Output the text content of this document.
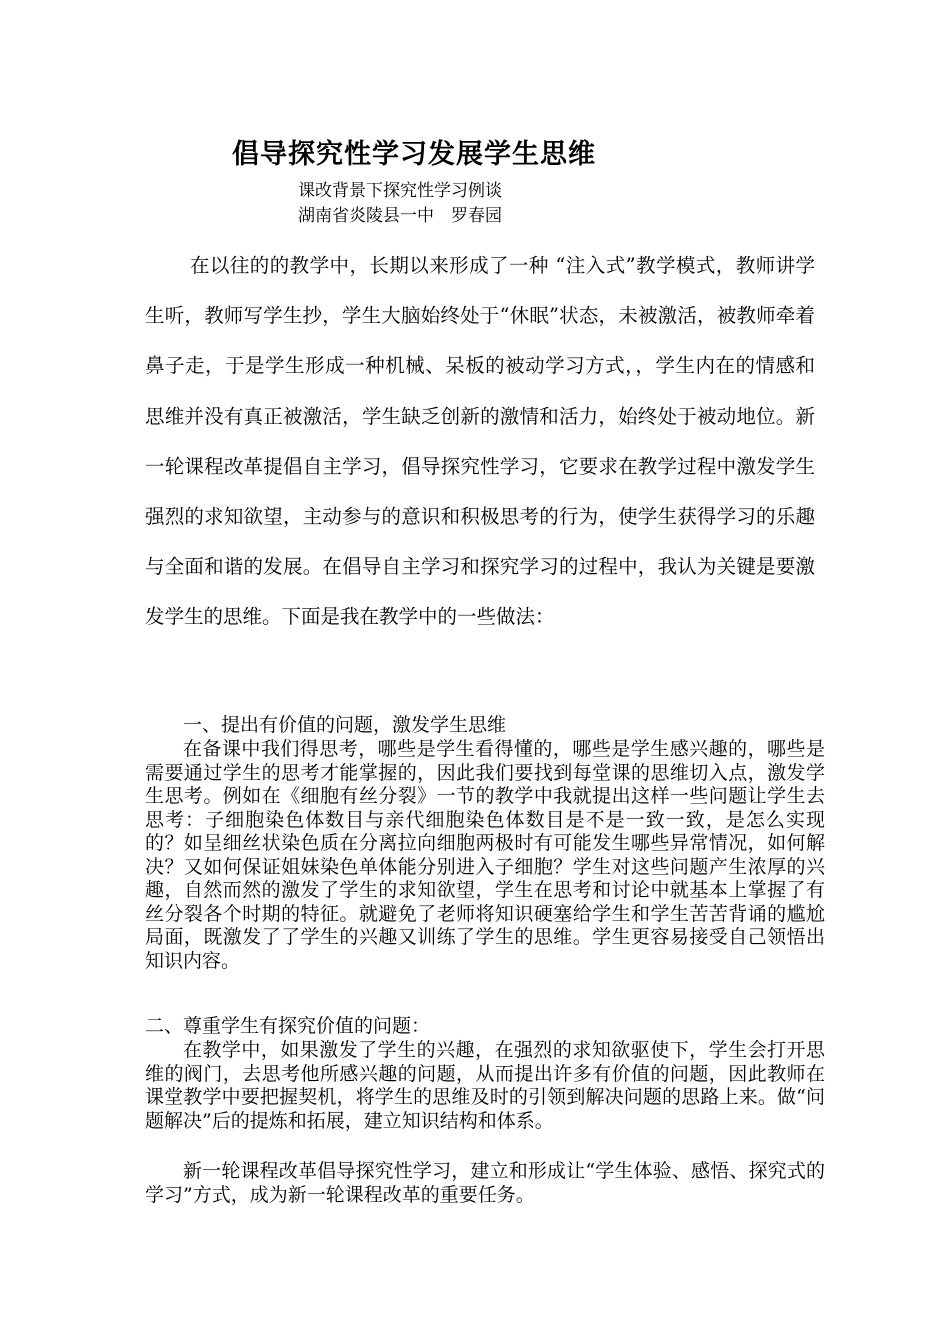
倡导探究性学习发展学生思维

课改背景下探究性学习例谈

湖南省炎陵县一中　罗春园

在以往的的教学中，长期以来形成了一种 “注入式”教学模式，教师讲学生听，教师写学生抄，学生大脑始终处于“休眠”状态，未被激活，被教师牵着鼻子走，于是学生形成一种机械、呆板的被动学习方式，，学生内在的情感和思维并没有真正被激活，学生缺乏创新的激情和活力，始终处于被动地位。新一轮课程改革提倡自主学习，倡导探究性学习，它要求在教学过程中激发学生强烈的求知欲望，主动参与的意识和积极思考的行为，使学生获得学习的乐趣与全面和谐的发展。在倡导自主学习和探究学习的过程中，我认为关键是要激发学生的思维。下面是我在教学中的一些做法：

一、提出有价值的问题，激发学生思维

在备课中我们得思考，哪些是学生看得懂的，哪些是学生感兴趣的，哪些是需要通过学生的思考才能掌握的，因此我们要找到每堂课的思维切入点，激发学生思考。例如在《细胞有丝分裂》一节的教学中我就提出这样一些问题让学生去思考：子细胞染色体数目与亲代细胞染色体数目是不是一致一致，是怎么实现的？如呈细丝状染色质在分离拉向细胞两极时有可能发生哪些异常情况，如何解决？又如何保证姐妹染色单体能分别进入子细胞？学生对这些问题产生浓厚的兴趣，自然而然的激发了学生的求知欲望，学生在思考和讨论中就基本上掌握了有丝分裂各个时期的特征。就避免了老师将知识硬塞给学生和学生苦苦背诵的尴尬局面，既激发了了学生的兴趣又训练了学生的思维。学生更容易接受自己领悟出知识内容。

二、尊重学生有探究价值的问题：

在教学中，如果激发了学生的兴趣，在强烈的求知欲驱使下，学生会打开思维的阀门，去思考他所感兴趣的问题，从而提出许多有价值的问题，因此教师在课堂教学中要把握契机，将学生的思维及时的引领到解决问题的思路上来。做“问题解决”后的提炼和拓展，建立知识结构和体系。

新一轮课程改革倡导探究性学习，建立和形成让“学生体验、感悟、探究式的学习”方式，成为新一轮课程改革的重要任务。
